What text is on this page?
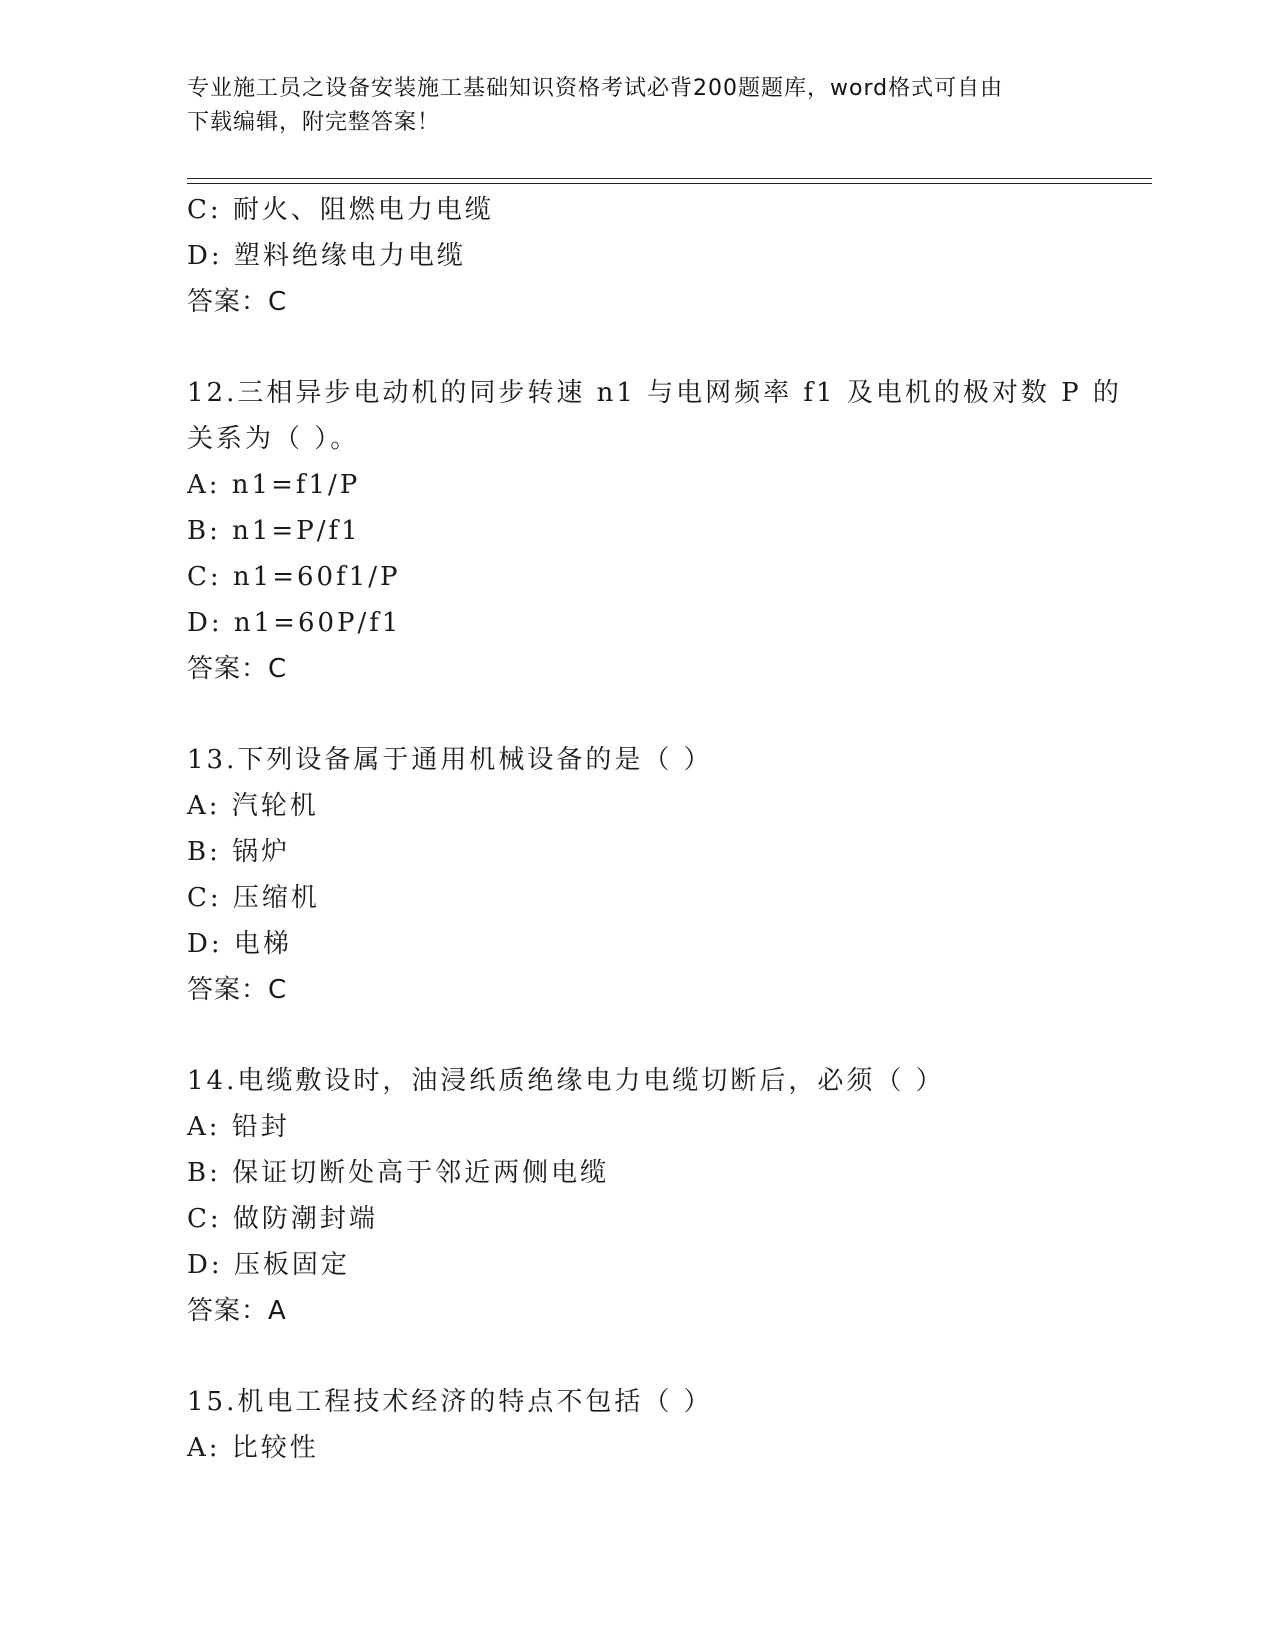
专业施工员之设备安装施工基础知识资格考试必背200题题库，word格式可自由
下载编辑，附完整答案！
C: 耐火、阻燃电力电缆
D: 塑料绝缘电力电缆
答案：C
12.三相异步电动机的同步转速 n1 与电网频率 f1 及电机的极对数 P 的
关系为（ ）。
A: n1=f1/P
B: n1=P/f1
C: n1=60f1/P
D: n1=60P/f1
答案：C
13.下列设备属于通用机械设备的是（ ）
A: 汽轮机
B: 锅炉
C: 压缩机
D: 电梯
答案：C
14.电缆敷设时，油浸纸质绝缘电力电缆切断后，必须（ ）
A: 铅封
B: 保证切断处高于邻近两侧电缆
C: 做防潮封端
D: 压板固定
答案：A
15.机电工程技术经济的特点不包括（ ）
A: 比较性
